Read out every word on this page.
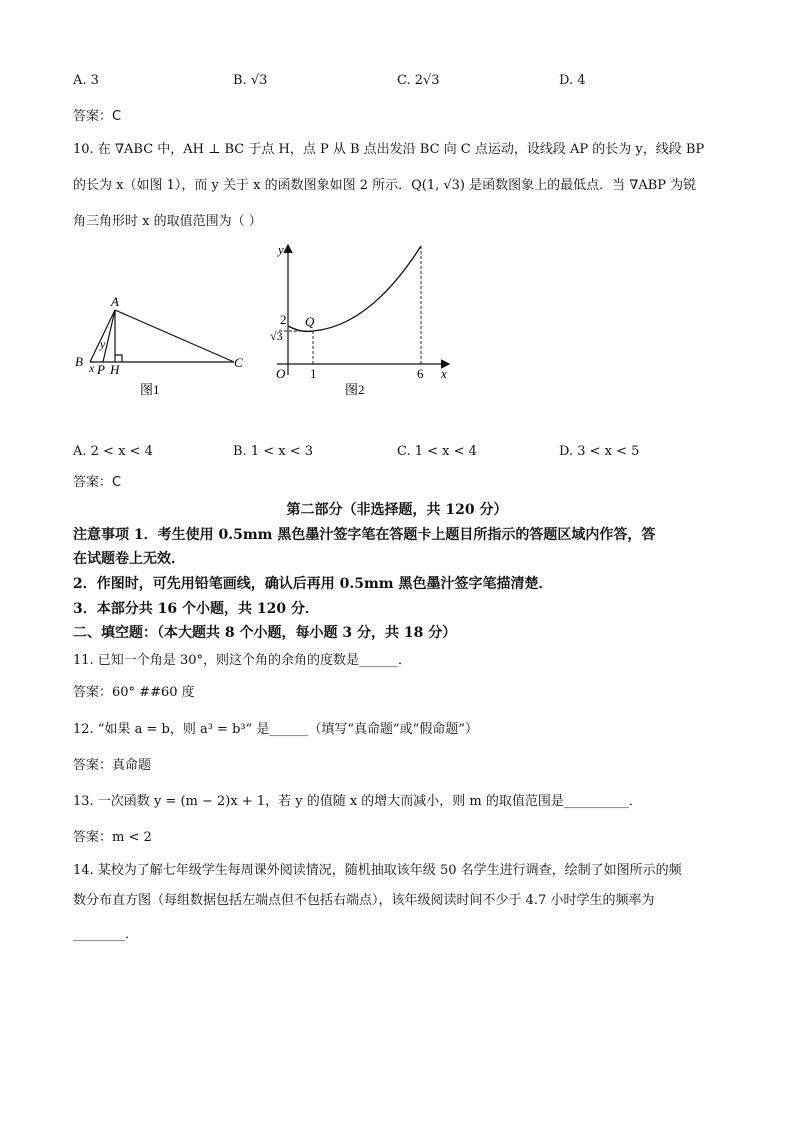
A. 3	B. √3	C. 2√3	D. 4
答案：C
10. 在 ∇ABC 中，AH ⊥ BC 于点 H，点 P 从 B 点出发沿 BC 向 C 点运动，设线段 AP 的长为 y，线段 BP
的长为 x（如图 1），而 y 关于 x 的函数图象如图 2 所示．Q(1, √3) 是函数图象上的最低点．当 ∇ABP 为锐
角三角形时 x 的取值范围为（ ）
A
B	C
y
x P H
图1
y
x
O
2
√3
1	6
Q
图2
A. 2 < x < 4	B. 1 < x < 3	C. 1 < x < 4	D. 3 < x < 5
答案：C
第二部分（非选择题，共 120 分）
注意事项 1．考生使用 0.5mm 黑色墨汁签字笔在答题卡上题目所指示的答题区域内作答，答
在试题卷上无效．
2．作图时，可先用铅笔画线，确认后再用 0.5mm 黑色墨汁签字笔描清楚．
3．本部分共 16 个小题，共 120 分．
二、填空题：（本大题共 8 个小题，每小题 3 分，共 18 分）
11. 已知一个角是 30°，则这个角的余角的度数是______．
答案：60° ##60 度
12. “如果 a = b，则 a³ = b³” 是______（填写“真命题”或“假命题”）
答案：真命题
13. 一次函数 y = (m − 2)x + 1，若 y 的值随 x 的增大而减小，则 m 的取值范围是__________．
答案：m < 2
14. 某校为了解七年级学生每周课外阅读情况，随机抽取该年级 50 名学生进行调查，绘制了如图所示的频
数分布直方图（每组数据包括左端点但不包括右端点），该年级阅读时间不少于 4.7 小时学生的频率为
________．
